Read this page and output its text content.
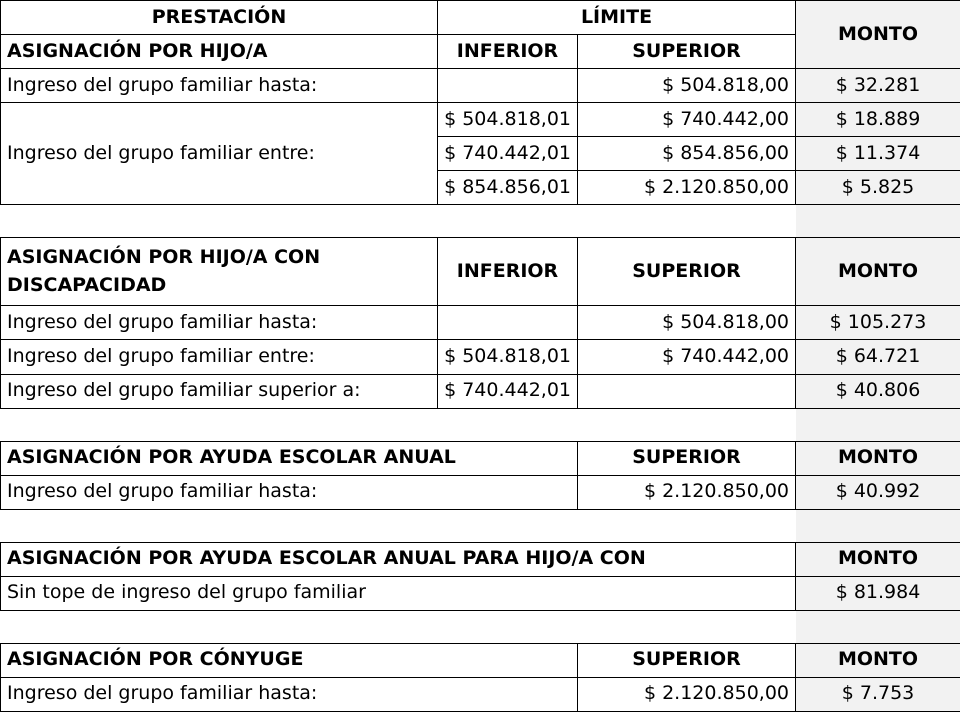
PRESTACIÓN	LÍMITE		MONTO
ASIGNACIÓN POR HIJO/A	INFERIOR	SUPERIOR	
Ingreso del grupo familiar hasta:		$ 504.818,00	$ 32.281
Ingreso del grupo familiar entre:	$ 504.818,01	$ 740.442,00	$ 18.889
	$ 740.442,01	$ 854.856,00	$ 11.374
	$ 854.856,01	$ 2.120.850,00	$ 5.825

ASIGNACIÓN POR HIJO/A CON DISCAPACIDAD	INFERIOR	SUPERIOR	MONTO
Ingreso del grupo familiar hasta:		$ 504.818,00	$ 105.273
Ingreso del grupo familiar entre:	$ 504.818,01	$ 740.442,00	$ 64.721
Ingreso del grupo familiar superior a:	$ 740.442,01		$ 40.806

ASIGNACIÓN POR AYUDA ESCOLAR ANUAL		SUPERIOR	MONTO
Ingreso del grupo familiar hasta:		$ 2.120.850,00	$ 40.992

ASIGNACIÓN POR AYUDA ESCOLAR ANUAL PARA HIJO/A CON			MONTO
Sin tope de ingreso del grupo familiar			$ 81.984

ASIGNACIÓN POR CÓNYUGE		SUPERIOR	MONTO
Ingreso del grupo familiar hasta:		$ 2.120.850,00	$ 7.753
